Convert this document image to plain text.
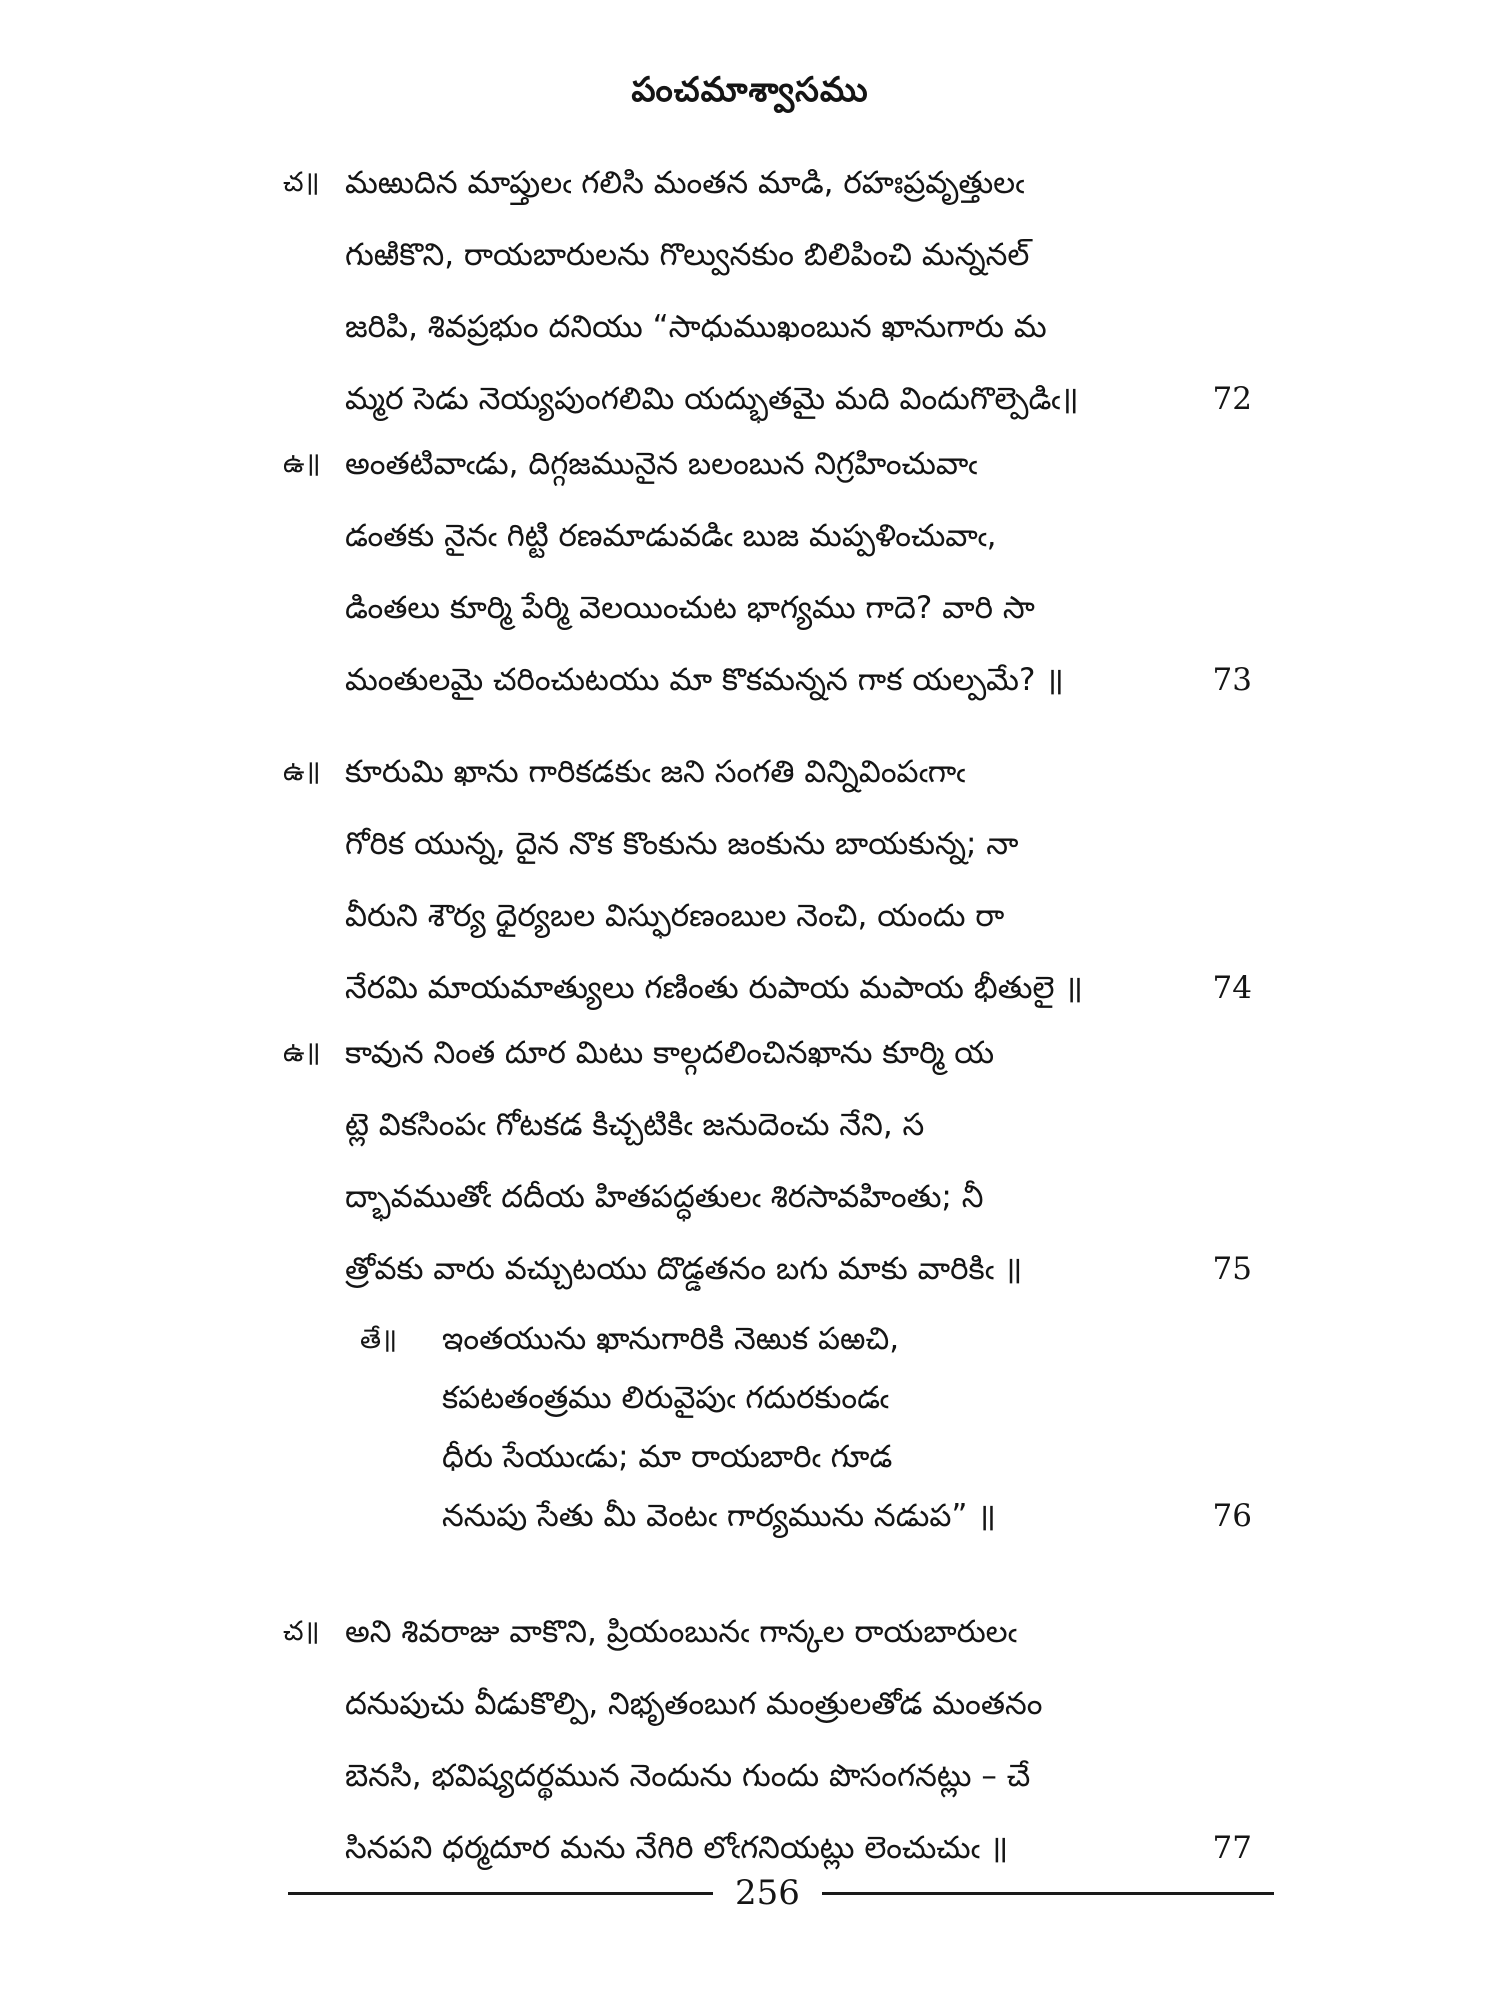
పంచమాశ్వాసము
చ॥ మఱుదిన మాప్తులఁ గలిసి మంతన మాడి, రహఃప్రవృత్తులఁ
గుఱికొని, రాయబారులను గొల్వునకుం బిలిపించి మన్ననల్
జరిపి, శివప్రభుం దనియు “సాధుముఖంబున ఖానుగారు మ
మ్మర సెడు నెయ్యపుంగలిమి యద్భుతమై మది విందుగొల్పెడిఁ॥	72
ఉ॥ అంతటివాఁడు, దిగ్గజమునైన బలంబున నిగ్రహించువాఁ
డంతకు నైనఁ గిట్టి రణమాడువడిఁ బుజ మప్పళించువాఁ,
డింతలు కూర్మి పేర్మి వెలయించుట భాగ్యము గాదె? వారి సా
మంతులమై చరించుటయు మా కొకమన్నన గాక యల్పమే? ॥	73
ఉ॥ కూరుమి ఖాను గారికడకుఁ జని సంగతి విన్నివింపఁగాఁ
గోరిక యున్న, దైన నొక కొంకును జంకును బాయకున్న; నా
వీరుని శౌర్య ధైర్యబల విస్ఫురణంబుల నెంచి, యందు రా
నేరమి మాయమాత్యులు గణింతు రుపాయ మపాయ భీతులై ॥	74
ఉ॥ కావున నింత దూర మిటు కాల్గదలించినఖాను కూర్మి య
ట్లె వికసింపఁ గోటకడ కిచ్చటికిఁ జనుదెంచు నేని, స
ద్భావముతోఁ దదీయ హితపద్ధతులఁ శిరసావహింతు; నీ
త్రోవకు వారు వచ్చుటయు దొడ్డతనం బగు మాకు వారికిఁ ॥	75
తే॥ ఇంతయును ఖానుగారికి నెఱుక పఱచి,
కపటతంత్రము లిరువైపుఁ గదురకుండఁ
ధీరు సేయుఁడు; మా రాయబారిఁ గూడ
ననుపు సేతు మీ వెంటఁ గార్యమును నడుప” ॥	76
చ॥ అని శివరాజు వాకొని, ప్రియంబునఁ గాన్కల రాయబారులఁ
దనుపుచు వీడుకొల్పి, నిభృతంబుగ మంత్రులతోడ మంతనం
బెనసి, భవిష్యదర్థమున నెందును గుందు పొసంగనట్లు – చే
సినపని ధర్మదూర మను నేగిరి లోఁగనియట్లు లెంచుచుఁ ॥	77
256
